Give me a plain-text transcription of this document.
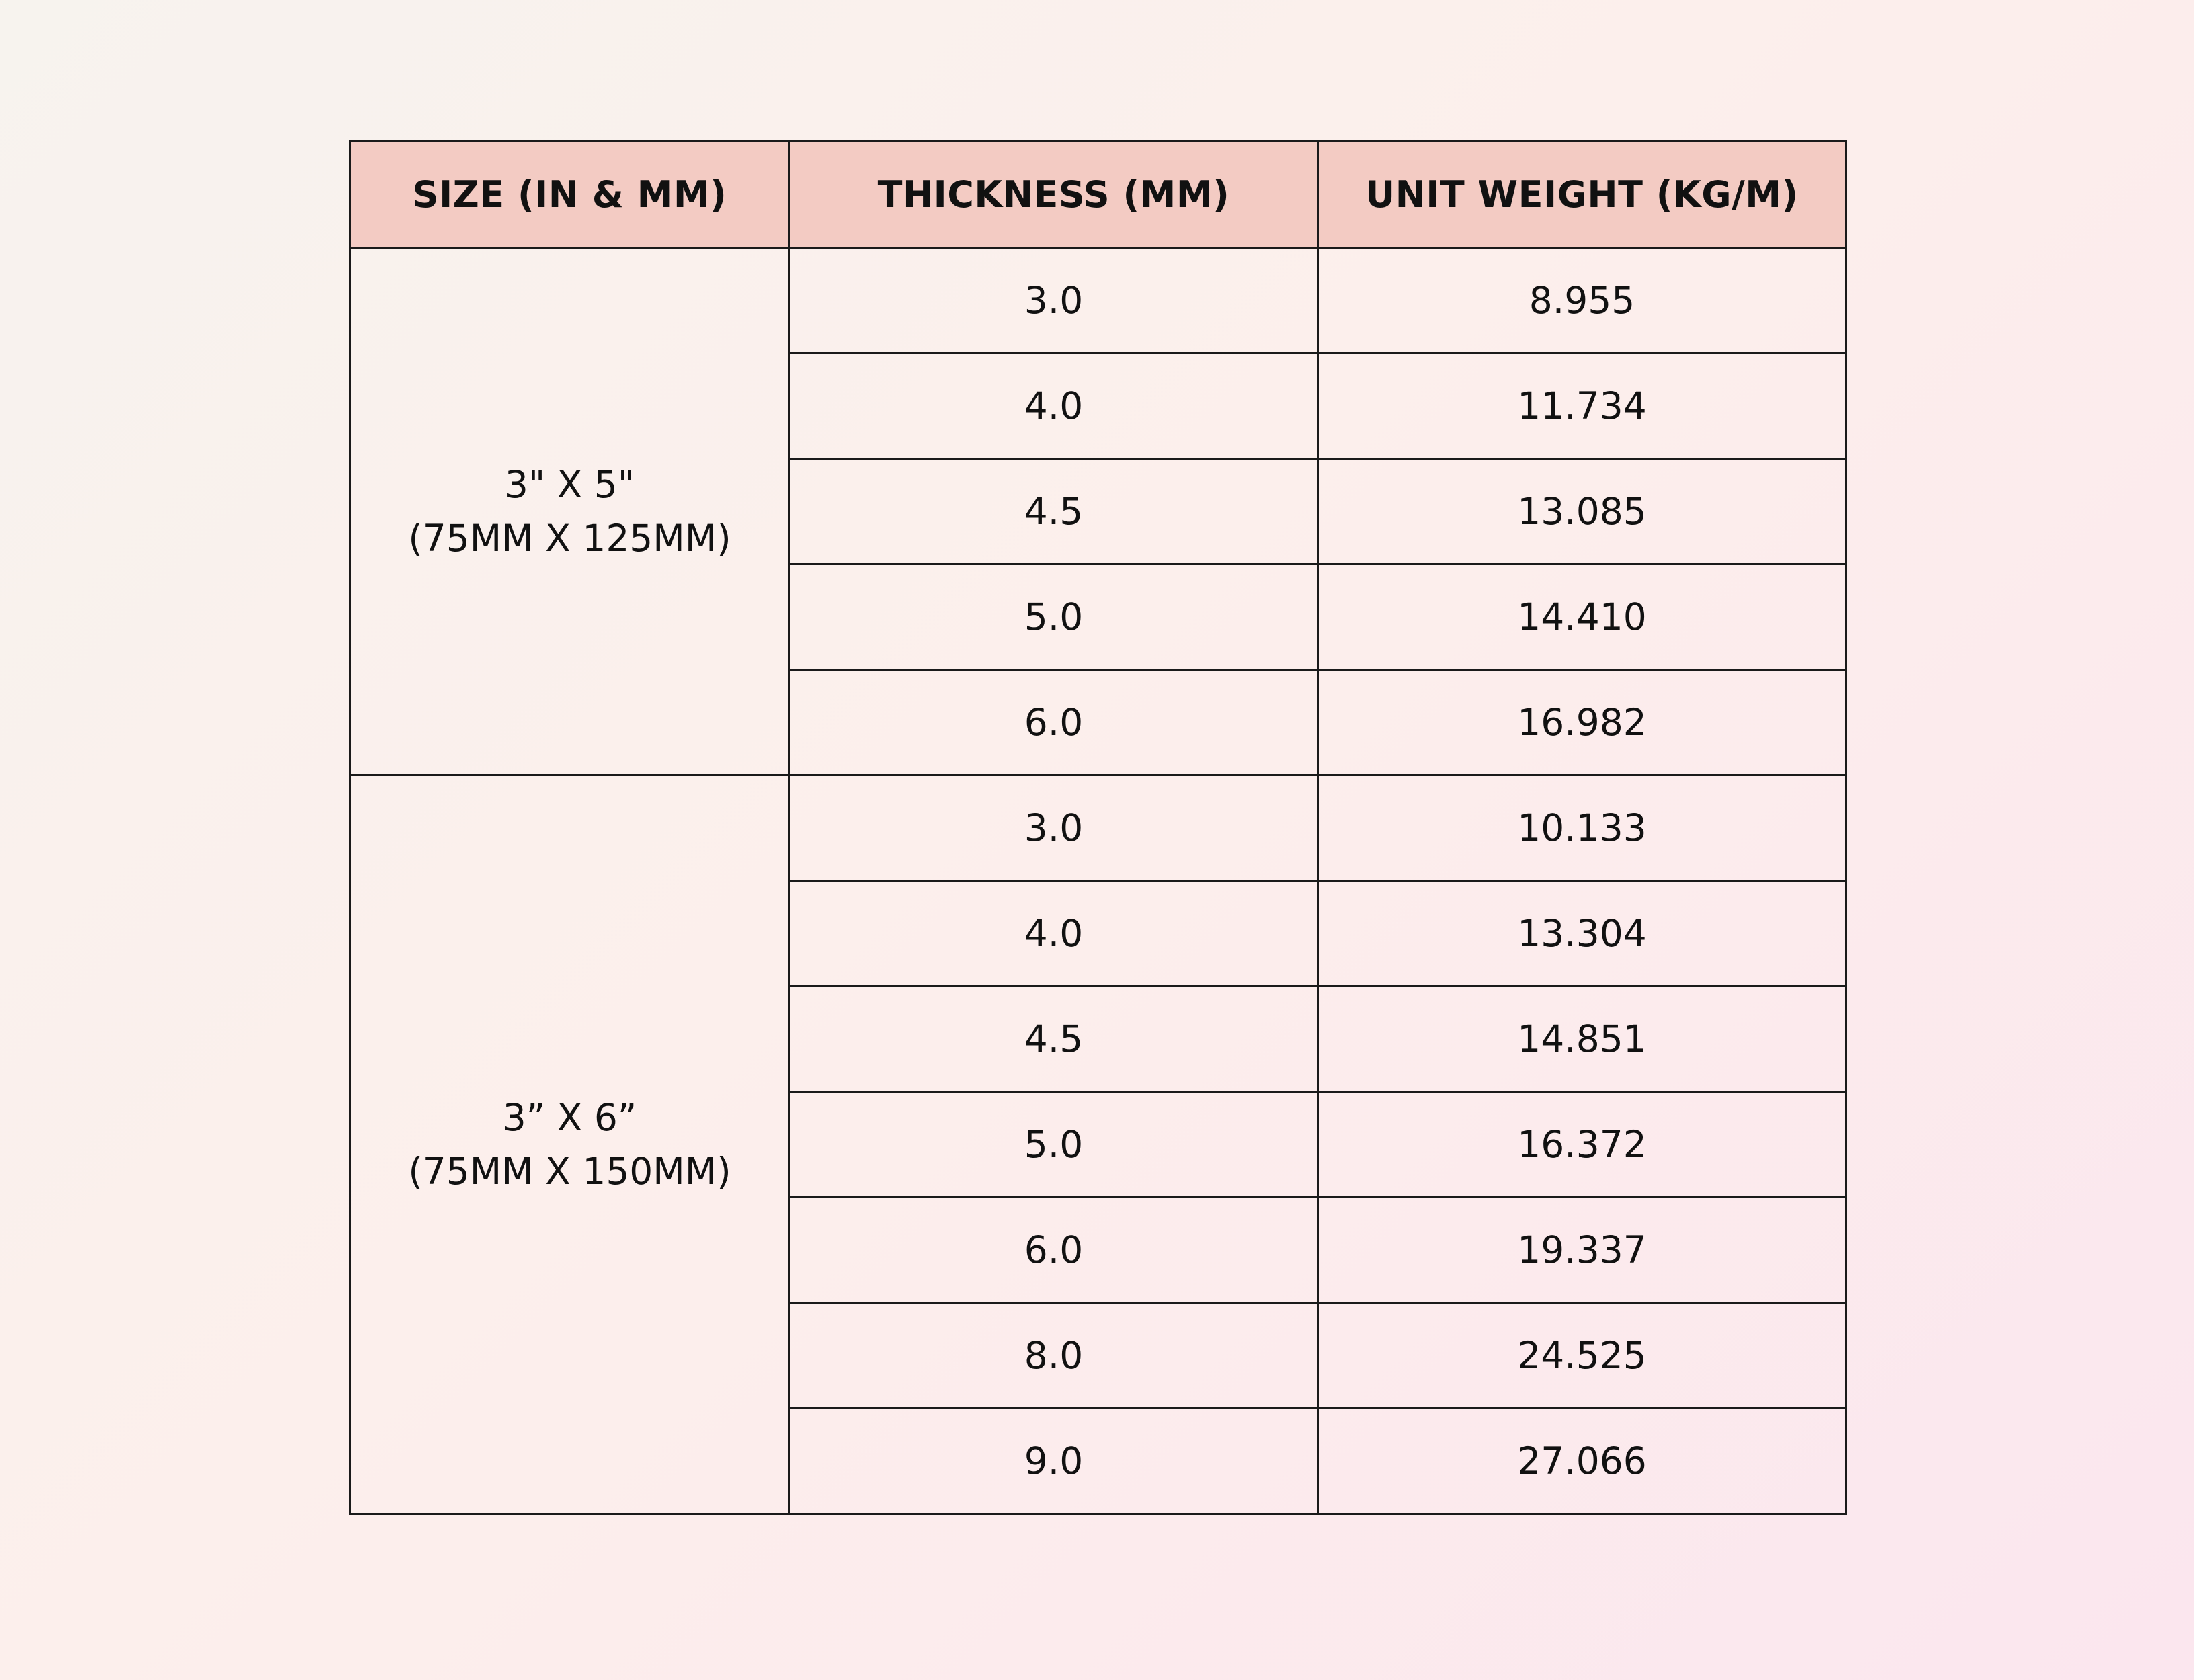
SIZE (IN & MM)	THICKNESS (MM)	UNIT WEIGHT (KG/M)

3" X 5"
(75MM X 125MM)	3.0	8.955
	4.0	11.734
	4.5	13.085
	5.0	14.410
	6.0	16.982

3” X 6”
(75MM X 150MM)	3.0	10.133
	4.0	13.304
	4.5	14.851
	5.0	16.372
	6.0	19.337
	8.0	24.525
	9.0	27.066
